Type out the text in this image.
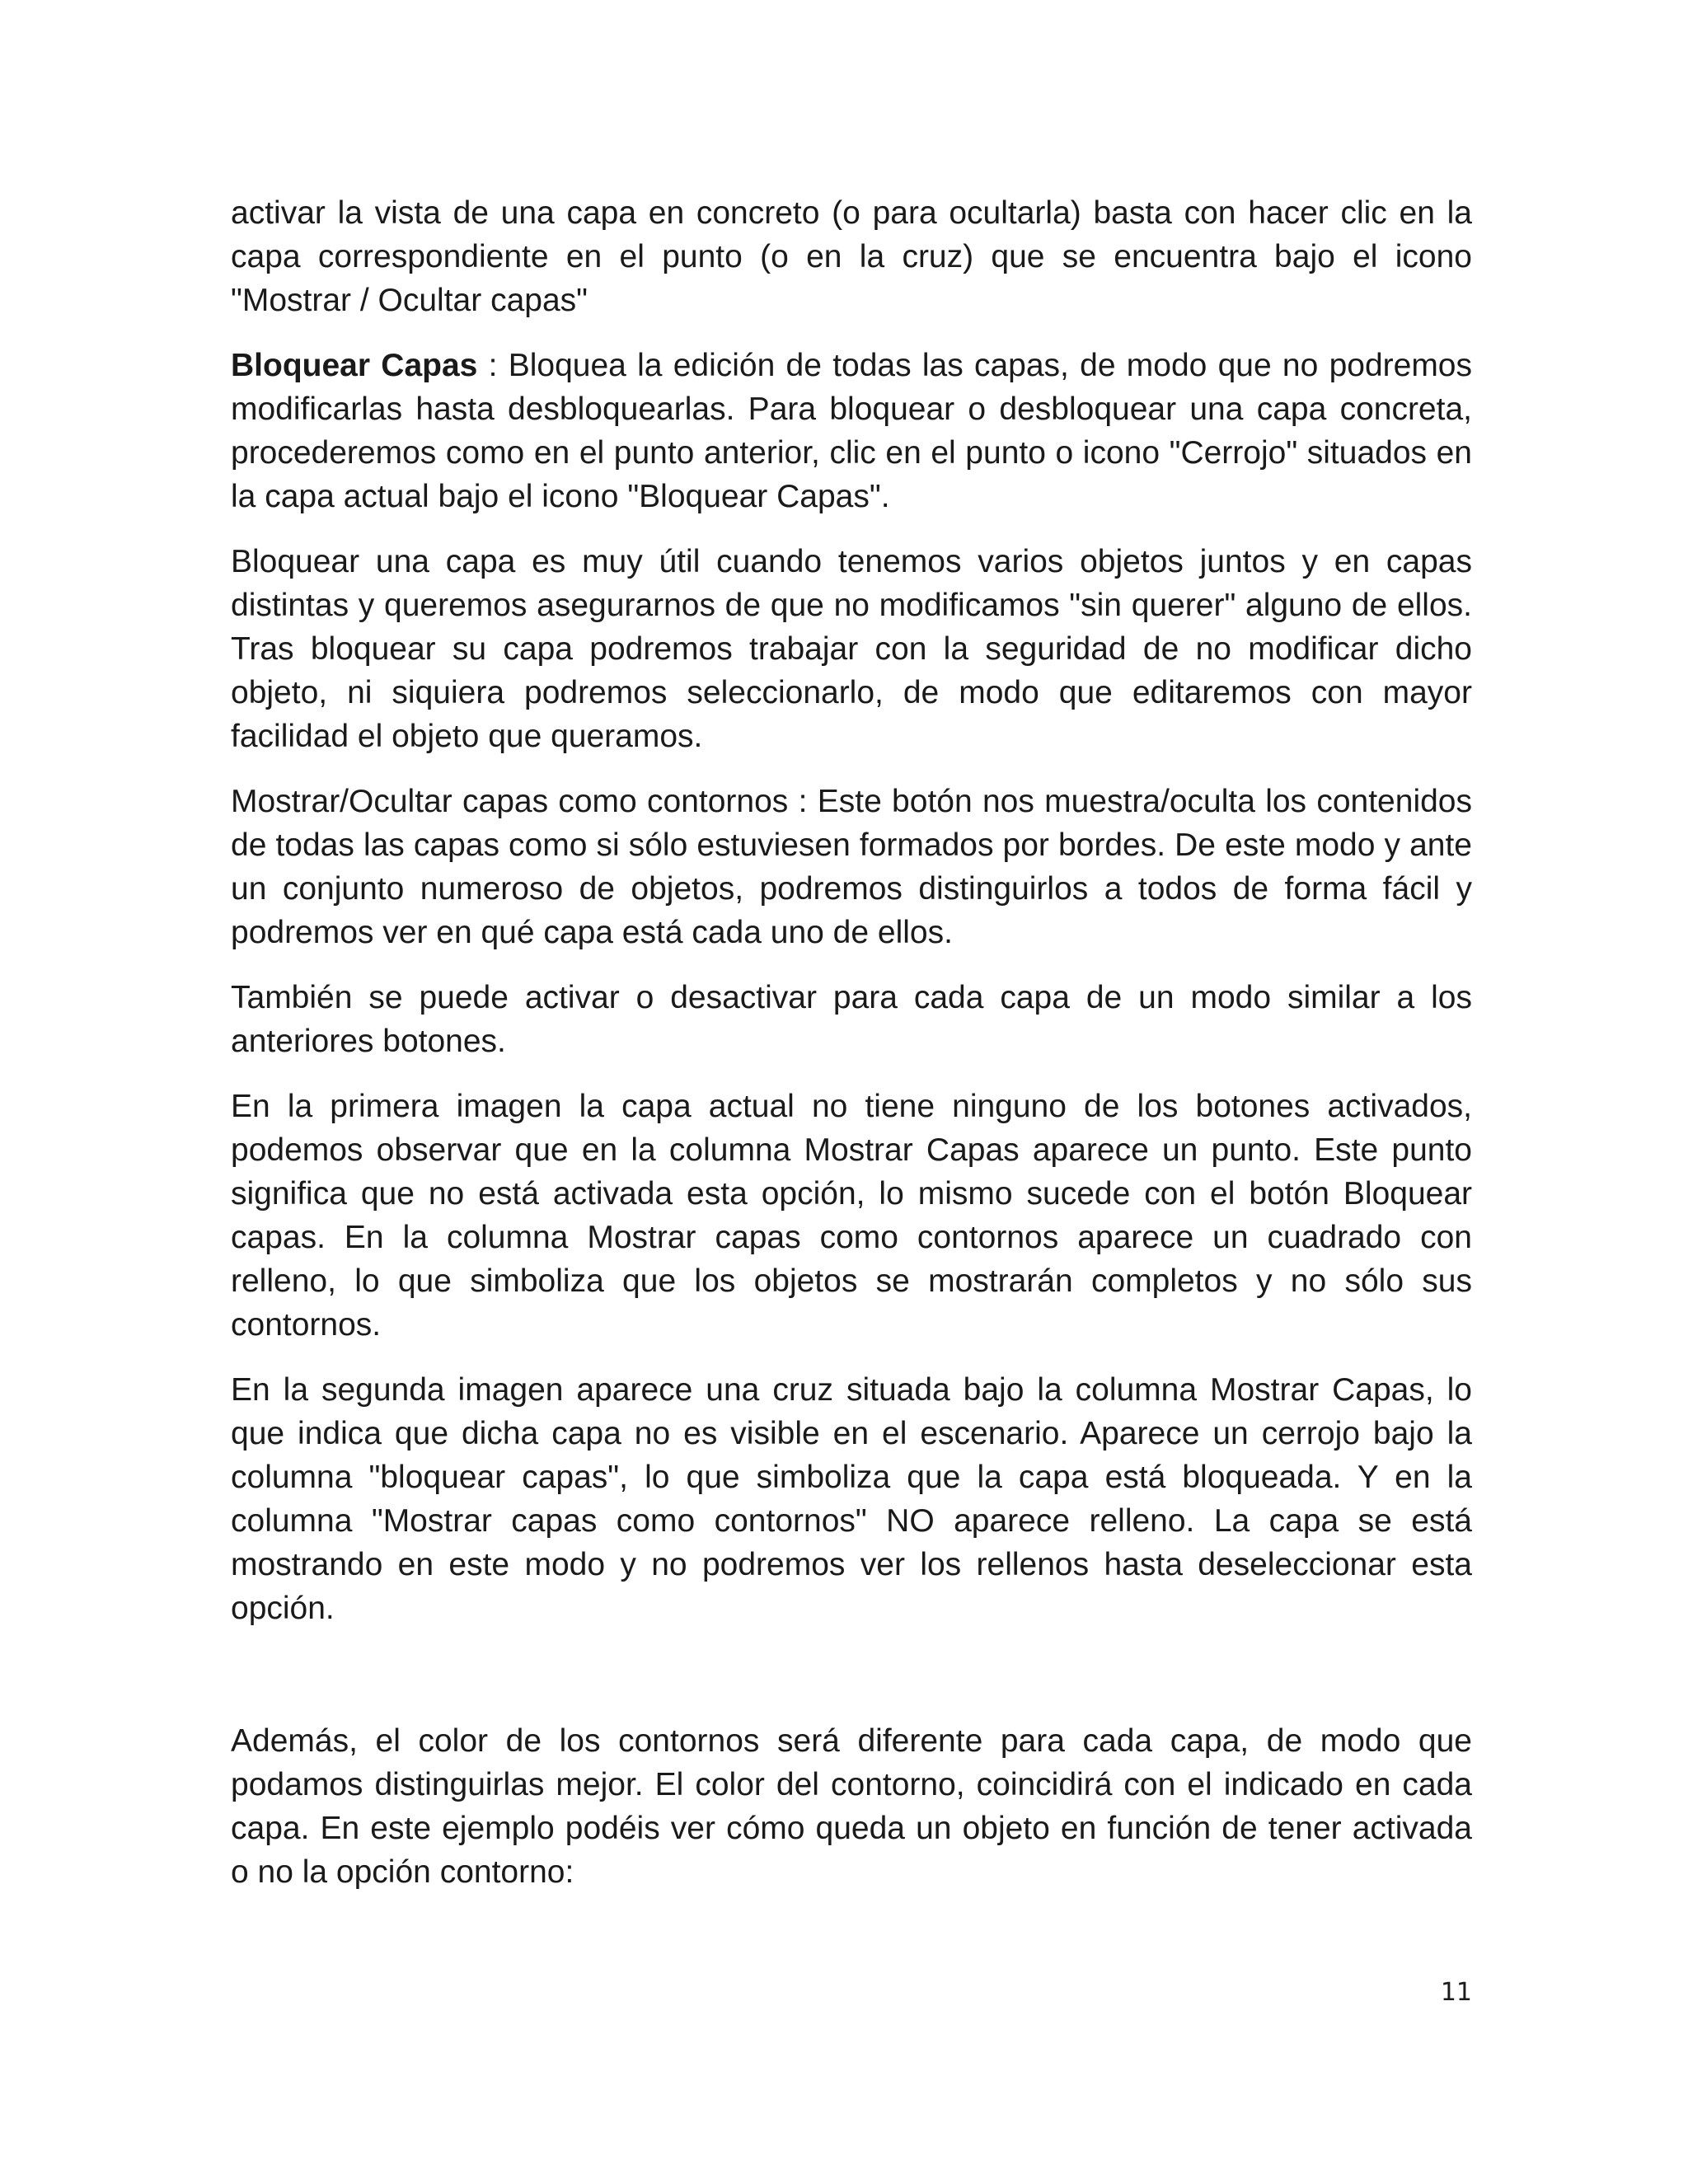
activar la vista de una capa en concreto (o para ocultarla) basta con hacer clic en la capa correspondiente en el punto (o en la cruz) que se encuentra bajo el icono "Mostrar / Ocultar capas"

Bloquear Capas : Bloquea la edición de todas las capas, de modo que no podremos modificarlas hasta desbloquearlas. Para bloquear o desbloquear una capa concreta, procederemos como en el punto anterior, clic en el punto o icono "Cerrojo" situados en la capa actual bajo el icono "Bloquear Capas".

Bloquear una capa es muy útil cuando tenemos varios objetos juntos y en capas distintas y queremos asegurarnos de que no modificamos "sin querer" alguno de ellos. Tras bloquear su capa podremos trabajar con la seguridad de no modificar dicho objeto, ni siquiera podremos seleccionarlo, de modo que editaremos con mayor facilidad el objeto que queramos.

Mostrar/Ocultar capas como contornos : Este botón nos muestra/oculta los contenidos de todas las capas como si sólo estuviesen formados por bordes. De este modo y ante un conjunto numeroso de objetos, podremos distinguirlos a todos de forma fácil y podremos ver en qué capa está cada uno de ellos.

También se puede activar o desactivar para cada capa de un modo similar a los anteriores botones.

En la primera imagen la capa actual no tiene ninguno de los botones activados, podemos observar que en la columna Mostrar Capas aparece un punto. Este punto significa que no está activada esta opción, lo mismo sucede con el botón Bloquear capas. En la columna Mostrar capas como contornos aparece un cuadrado con relleno, lo que simboliza que los objetos se mostrarán completos y no sólo sus contornos.

En la segunda imagen aparece una cruz situada bajo la columna Mostrar Capas, lo que indica que dicha capa no es visible en el escenario. Aparece un cerrojo bajo la columna "bloquear capas", lo que simboliza que la capa está bloqueada. Y en la columna "Mostrar capas como contornos" NO aparece relleno. La capa se está mostrando en este modo y no podremos ver los rellenos hasta deseleccionar esta opción.

Además, el color de los contornos será diferente para cada capa, de modo que podamos distinguirlas mejor. El color del contorno, coincidirá con el indicado en cada capa. En este ejemplo podéis ver cómo queda un objeto en función de tener activada o no la opción contorno:

11
